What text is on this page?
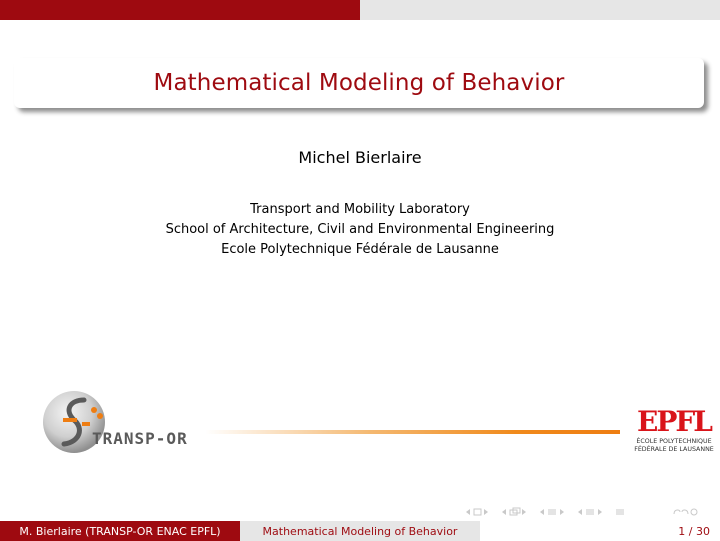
Mathematical Modeling of Behavior
Michel Bierlaire
Transport and Mobility Laboratory
School of Architecture, Civil and Environmental Engineering
Ecole Polytechnique Fédérale de Lausanne
TRANSP-OR
EPFL
ÉCOLE POLYTECHNIQUE
FÉDÉRALE DE LAUSANNE
M. Bierlaire (TRANSP-OR ENAC EPFL)	Mathematical Modeling of Behavior	1 / 30
